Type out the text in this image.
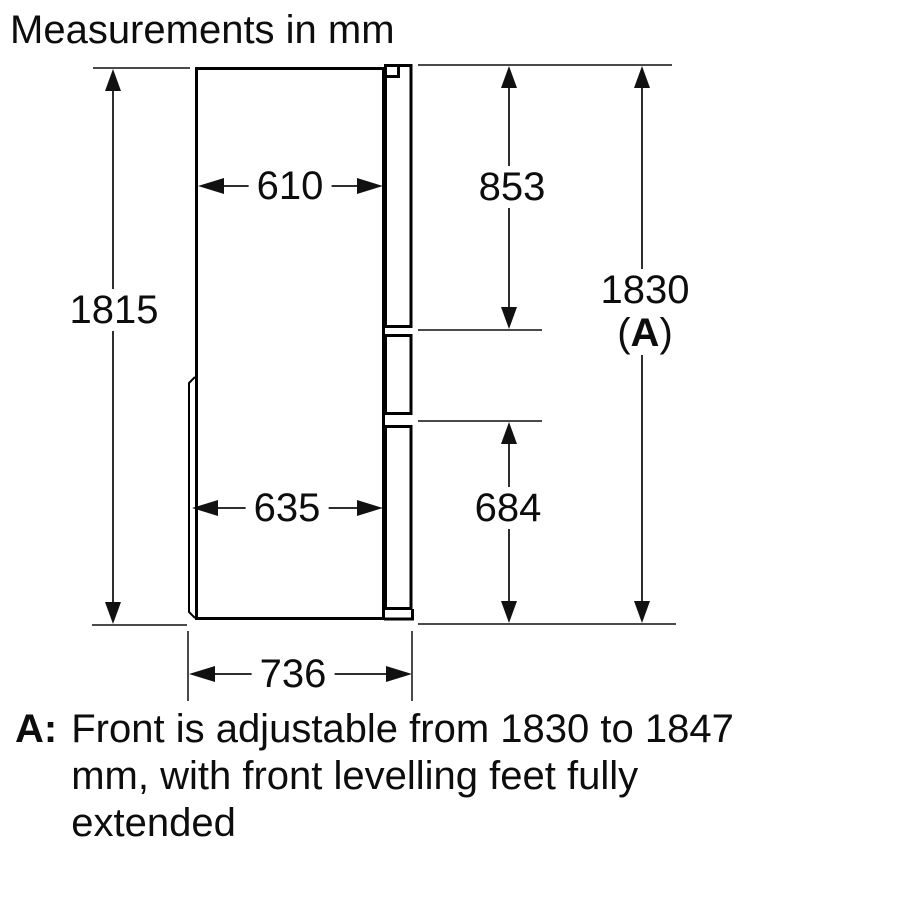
Measurements in mm
1815
610	853
635	684
736
1830
(A)
A: Front is adjustable from 1830 to 1847
mm, with front levelling feet fully
extended
